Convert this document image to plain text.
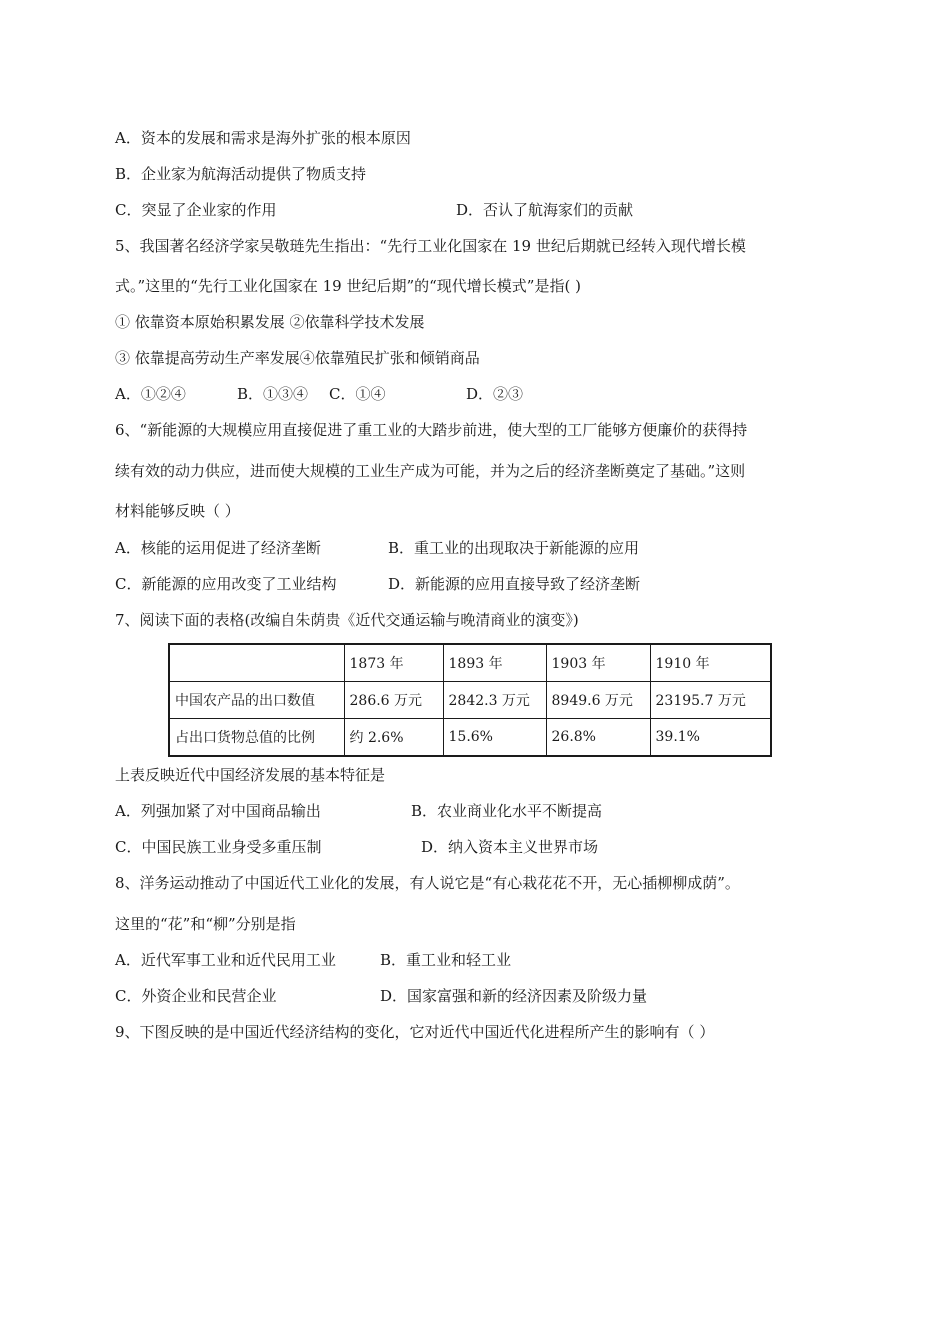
A．资本的发展和需求是海外扩张的根本原因
B．企业家为航海活动提供了物质支持
C．突显了企业家的作用	D．否认了航海家们的贡献
5、我国著名经济学家吴敬琏先生指出：“先行工业化国家在 19 世纪后期就已经转入现代增长模
式。”这里的“先行工业化国家在 19 世纪后期”的“现代增长模式”是指( )
① 依靠资本原始积累发展 ②依靠科学技术发展
③ 依靠提高劳动生产率发展④依靠殖民扩张和倾销商品
A．①②④	B．①③④ C．①④	D．②③
6、“新能源的大规模应用直接促进了重工业的大踏步前进，使大型的工厂能够方便廉价的获得持
续有效的动力供应，进而使大规模的工业生产成为可能，并为之后的经济垄断奠定了基础。”这则
材料能够反映（ ）
A．核能的运用促进了经济垄断	B．重工业的出现取决于新能源的应用
C．新能源的应用改变了工业结构	D．新能源的应用直接导致了经济垄断
7、阅读下面的表格(改编自朱荫贵《近代交通运输与晚清商业的演变》)
	1873 年	1893 年	1903 年	1910 年
中国农产品的出口数值	286.6 万元	2842.3 万元	8949.6 万元	23195.7 万元
占出口货物总值的比例	约 2.6%	15.6%	26.8%	39.1%
上表反映近代中国经济发展的基本特征是
A．列强加紧了对中国商品输出	B．农业商业化水平不断提高
C．中国民族工业身受多重压制	D．纳入资本主义世界市场
8、洋务运动推动了中国近代工业化的发展，有人说它是“有心栽花花不开，无心插柳柳成荫”。
这里的“花”和“柳”分别是指
A．近代军事工业和近代民用工业	B．重工业和轻工业
C．外资企业和民营企业	D．国家富强和新的经济因素及阶级力量
9、下图反映的是中国近代经济结构的变化，它对近代中国近代化进程所产生的影响有（ ）
